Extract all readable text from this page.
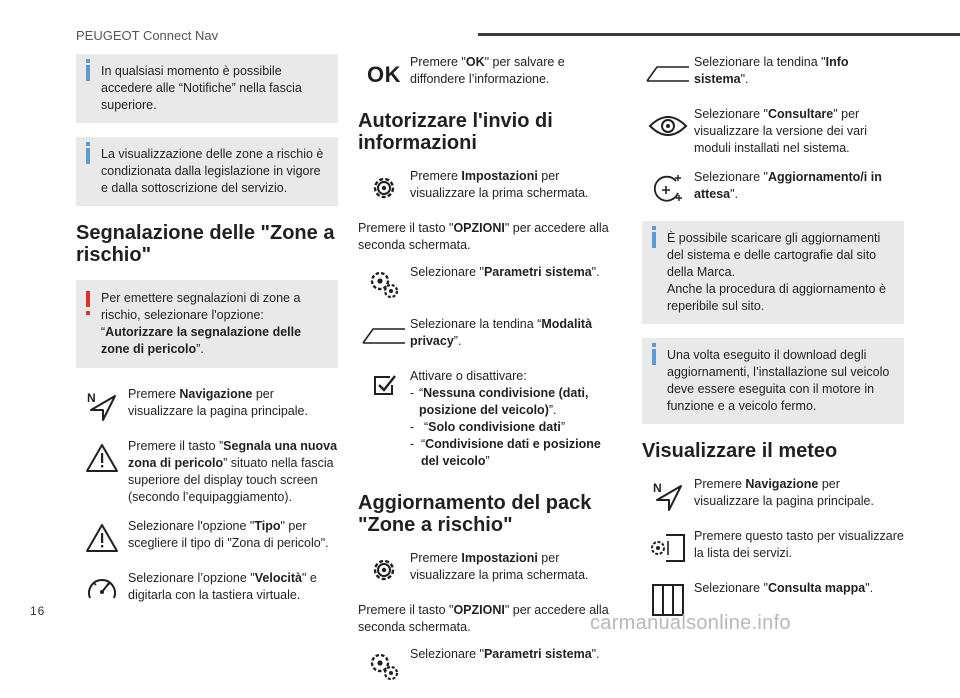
PEUGEOT Connect Nav

In qualsiasi momento è possibile accedere alle “Notifiche” nella fascia superiore.

La visualizzazione delle zone a rischio è condizionata dalla legislazione in vigore e dalla sottoscrizione del servizio.

Segnalazione delle "Zone a rischio"

Per emettere segnalazioni di zone a rischio, selezionare l'opzione: “Autorizzare la segnalazione delle zone di pericolo”.

N	Premere Navigazione per visualizzare la pagina principale.

Premere il tasto ”Segnala una nuova zona di pericolo” situato nella fascia superiore del display touch screen (secondo l’equipaggiamento).

Selezionare l'opzione "Tipo" per scegliere il tipo di "Zona di pericolo".

Selezionare l’opzione "Velocità" e digitarla con la tastiera virtuale.

OK Premere "OK" per salvare e diffondere l’informazione.

Autorizzare l'invio di informazioni

Premere Impostazioni per visualizzare la prima schermata.

Premere il tasto "OPZIONI" per accedere alla seconda schermata.

Selezionare "Parametri sistema".

Selezionare la tendina “Modalità privacy”.

Attivare o disattivare:

- “Nessuna condivisione (dati, posizione del veicolo)”.
- “Solo condivisione dati”
- “Condivisione dati e posizione del veicolo”
Aggiornamento del pack "Zone a rischio"

Premere Impostazioni per visualizzare la prima schermata.

Premere il tasto "OPZIONI" per accedere alla seconda schermata.

Selezionare "Parametri sistema".

Selezionare la tendina "Info sistema".

Selezionare "Consultare" per visualizzare la versione dei vari moduli installati nel sistema.

Selezionare "Aggiornamento/i in attesa".

È possibile scaricare gli aggiornamenti del sistema e delle cartografie dal sito della Marca.

Anche la procedura di aggiornamento è reperibile sul sito.

Una volta eseguito il download degli aggiornamenti, l’installazione sul veicolo deve essere eseguita con il motore in funzione e a veicolo fermo.

Visualizzare il meteo
N	Premere Navigazione per visualizzare la pagina principale.

Premere questo tasto per visualizzare la lista dei servizi.

Selezionare "Consulta mappa".

16
carmanualsonline.info
